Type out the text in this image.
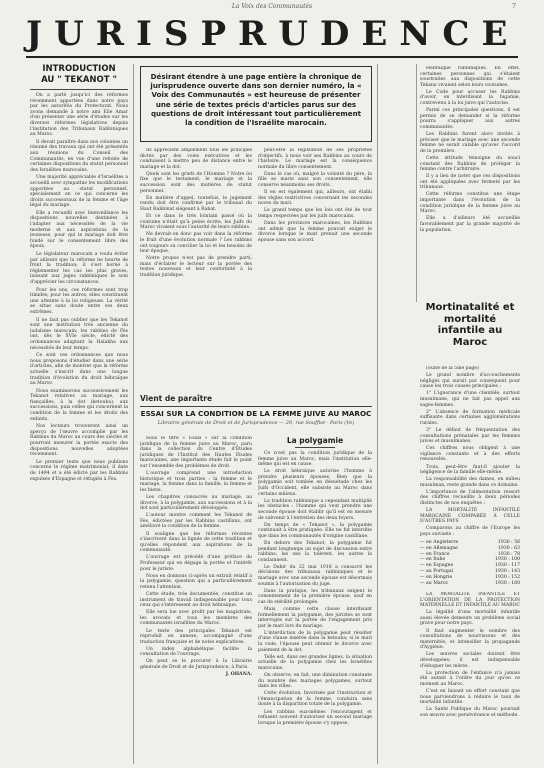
La Voix des Communautés	7
JURISPRUDENCE
INTRODUCTION
AU " TEKANOT "

On a parlé jusqu'ici des réformes récemment apportées dans notre pays par les autorités du Protectorat. Nous avons demandé à notre ami Elie Amar d'en présenter une série d'études sur les diverses réformes législatives depuis l'institution des Tribunaux Rabbiniques au Maroc.

Il devait paraître dans nos colonnes un résumé des travaux qui ont été présentés aux réunions du Conseil des Communautés, en vue d'une refonte de certaines dispositions du statut personnel des Israélites marocains.

Une majorité appréciable d'Israélites a accueilli avec sympathie les modifications apportées au statut personnel, spécialement en ce qui concerne les droits successoraux de la femme et l'âge légal du mariage.

Elle a recueilli avec bienveillance les dispositions nouvelles destinées à l'adapter aux nécessités de la vie moderne et aux aspirations de la jeunesse, pour qui le mariage doit être fondé sur le consentement libre des époux.

Le législateur marocain a voulu éviter par ailleurs que la réforme ne heurte de front la tradition; il s'est borné à réglementer les cas les plus graves, laissant aux juges rabbiniques le soin d'apprécier les circonstances.

Pour les uns, ces réformes sont trop timides; pour les autres, elles constituent une atteinte à la loi religieuse. La vérité se situe sans doute entre ces deux extrêmes.

Il ne faut pas oublier que les Tekanot sont une institution très ancienne du judaïsme marocain; les rabbins de Fès ont, dès le XVIe siècle, édicté des ordonnances adaptant la Halakha aux nécessités de leur temps.

Ce sont ces ordonnances que nous nous proposons d'étudier dans une série d'articles, afin de montrer que la réforme actuelle s'inscrit dans une longue tradition d'évolution du droit hébraïque au Maroc.

Nous examinerons successivement les Tekanot relatives au mariage, aux fiançailles, à la dot (ketouba), aux successions, puis celles qui concernent la condition de la femme et les droits des enfants.

Nos lecteurs trouveront ainsi un aperçu de l'œuvre accomplie par les Rabbins du Maroc au cours des siècles et pourront mesurer la portée exacte des dispositions nouvelles adoptées récemment.

Le premier texte que nous publions concerne le régime matrimonial; il date de 1494 et a été édicté par les Rabbins expulsés d'Espagne et réfugiés à Fès.

Désirant étendre à une page entière la chronique de jurisprudence ouverte dans son dernier numéro, la « Voix des Communautés » est heureuse de présenter une série de textes précis d'articles parus sur des questions de droit intéressant tout particulièrement la condition de l'Israélite marocain.

Ils apprécient amplement tous les principes dictés par des voies exécutives et les conduisent à mettre peu de distance entre le mariage et la dot.

Quels sont les griefs de l'Homme ? Notre loi fixe que le testament, le mariage et la succession sont des matières de statut personnel.

En matière d'appel, toutefois, le jugement rendu doit être confirmé par le tribunal du Haut Rabbinat siégeant à Rabat.

Et ce dans le très lointain passé où la coutume n'était qu'à peine écrite, les Juifs du Maroc vivaient sous l'autorité de leurs rabbins.

Ne devrait-on donc pas voir dans la réforme le fruit d'une évolution normale ? Les rabbins ont toujours su concilier la loi et les besoins de leur époque.

Notre propos n'est pas de prendre parti, mais d'éclairer le lecteur sur la portée des textes nouveaux et leur conformité à la tradition juridique.

peut-être la législation de ses propriétés d'objectifs, à nous voir ses Rabbins au cours de l'histoire. Le mariage est la conséquence normale du libre consentement.

Dans le cas où, malgré la volonté du père, la fille se marie sans son consentement, elle conserve néanmoins ses droits.

Il en est également qui, ailleurs, ont établi des règles restrictives concernant les secondes noces du mari.

Le grand temps que les lois ont été de tout temps respectées par les juifs marocains.

Dans les provinces marocaines, les Rabbins ont admis que la femme pouvait exiger le divorce lorsque le mari prenait une seconde épouse sans son accord.

Hebraïque rabbiniques. En effet, certaines personnes qui s'étaient soustraites aux dispositions de cette Tekana vivaient selon leurs coutumes.

Le Code pour accuser les Rabbins d'avoir, en interdisant la bigamie, contrevenu à la loi juive qui l'autorise.

Parmi ces principales questions, il est permis de se demander si la réforme pourra s'appliquer aux autres communautés.

Les Rabbins furent alors invités à préciser que le mariage avec une seconde femme ne serait valable qu'avec l'accord de la première.

Cette attitude témoigne du souci constant des Rabbins de protéger la femme contre l'arbitraire.

Il y a lieu de noter que ces dispositions ont été appliquées avec fermeté par les tribunaux.

Cette réforme constitue une étape importante dans l'évolution de la condition juridique de la femme juive au Maroc.

Elle a d'ailleurs été accueillie favorablement par la grande majorité de la population.

Vient de paraître
ESSAI SUR LA CONDITION DE LA FEMME JUIVE AU MAROC
Librairie générale de Droit et de Jurisprudence — 20, rue Soufflot - Paris (Ve)

Sous le titre « Essai » sur la condition juridique de la femme juive au Maroc, paru dans la collection du Centre d'Études juridiques de l'Institut des Hautes Études marocaines, une importante étude fait le point sur l'ensemble des problèmes de droit.

L'ouvrage comprend une introduction historique et trois parties : la femme et le mariage, la femme dans la famille, la femme et les biens.

Les chapitres consacrés au mariage, au divorce, à la polygamie, aux successions et à la dot sont particulièrement développés.

L'auteur montre comment les Tekanot de Fès, édictées par les Rabbins castillans, ont amélioré la condition de la femme.

Il souligne que les réformes récentes s'inscrivent dans la lignée de cette tradition et qu'elles répondent aux aspirations de la communauté.

L'ouvrage est précédé d'une préface du Professeur qui en dégage la portée et l'intérêt pour le juriste.

Nous en donnons ci-après un extrait relatif à la polygamie, question qui a particulièrement retenu l'attention.

Cette étude, très documentée, constitue un instrument de travail indispensable pour tous ceux qui s'intéressent au droit hébraïque.

Elle sera lue avec profit par les magistrats, les avocats et tous les membres des communautés israélites du Maroc.

Le texte des principales Tekanot est reproduit en annexe, accompagné d'une traduction française et de notes explicatives.

Un index alphabétique facilite la consultation de l'ouvrage.

On peut se le procurer à la Librairie générale de Droit et de Jurisprudence, à Paris.

J. OHANA.
La polygamie

Ce n'est pas la condition juridique de la femme juive au Maroc, mais l'institution elle-même qui est en cause.

Le droit hébraïque autorise l'homme à prendre plusieurs épouses. Bien que la polygamie soit tombée en désuétude chez les Juifs d'Occident, elle subsiste au Maroc dans certains milieux.

La tradition rabbinique a cependant multiplié les obstacles : l'homme qui veut prendre une seconde épouse doit établir qu'il est en mesure de subvenir à l'entretien des deux foyers.

Du temps de « Tekanot », la polygamie continuait à être pratiquée. Elle ne fut interdite que dans les communautés d'origine castillane.

En dehors des Tekanot, la polygamie fut pendant longtemps un sujet de discussion entre rabbins; les uns la tolèrent, les autres la condamnent.

Le Dahir du 22 mai 1918 a consacré les décisions des tribunaux rabbiniques et le mariage avec une seconde épouse est désormais soumis à l'autorisation du juge.

Dans la pratique, les tribunaux exigent le consentement de la première épouse, sauf en cas de stérilité prolongée.

Mais, comme cette clause interdisant formellement la polygamie, des juristes se sont interrogés sur la portée de l'engagement pris par le mari lors du mariage.

L'interdiction de la polygamie peut résulter d'une clause insérée dans la ketouba; si le mari la viole, l'épouse peut obtenir le divorce avec paiement de la dot.

Telle est, dans ses grandes lignes, la situation actuelle de la polygamie chez les Israélites marocains.

On observe, en fait, une diminution constante du nombre des mariages polygames, surtout dans les villes.

Cette évolution, favorisée par l'instruction et l'émancipation de la femme, conduira sans doute à la disparition totale de la polygamie.

Les rabbins eux-mêmes l'encouragent et refusent souvent d'autoriser un second mariage lorsque la première épouse s'y oppose.

Mortinatalité et mortalité infantile au Maroc

(Suite de la 5me page)

Le grand nombre d'accouchements négligés qui aurait par conséquent pour cause les trois causes principales :

1° L'ignorance d'une clientèle, surtout musulmane, qui ne fait pas appel aux sages-femmes.

2° L'absence de formation médicale suffisante dans certaines agglomérations rurales.

3° Le défaut de fréquentation des consultations prénatales par les femmes juives et musulmanes.

Ces chiffres nous obligent à une vigilance constante et à des efforts renouvelés.

Trois, peut-être faut-il ajouter la négligence de la famille elle-même.

La responsabilité des dames, en milieu musulman, reste grande dans ce domaine.

L'importance de l'alimentation ressort des chiffres recueillis à deux périodes distinctes de nos enquêtes :

LA MORTALITÉ INFANTILE MAROCAINE COMPARÉE À CELLE D'AUTRES PAYS

Comparons au chiffre de l'Europe les pays suivants :

— en Angleterre	1930 : 56
— en Allemagne	1930 : 63
— en France	1930 : 78
— en Italie	1930 : 100
— en Espagne	1930 : 117
— au Portugal	1930 : 143
— en Hongrie	1930 : 152
— au Maroc	1930 : 180

LA MORTALITÉ INFANTILE ET L'ORIENTATION DE LA PROTECTION MATERNELLE ET INFANTILE AU MAROC

La légalité d'une mortalité infantile aussi élevée demeure un problème social grave pour notre pays.

Il faut augmenter le nombre des consultations de nourrissons et des maternités, et intensifier la propagande d'hygiène.

Les œuvres sociales doivent être développées; il est indispensable d'éduquer les mères.

La protection de l'enfance n'a jamais été autant à l'ordre du jour qu'en ce moment au Maroc.

C'est en faisant un effort constant que nous parviendrons à réduire le taux de mortalité infantile.

La Santé Publique du Maroc poursuit son œuvre avec persévérance et méthode.
